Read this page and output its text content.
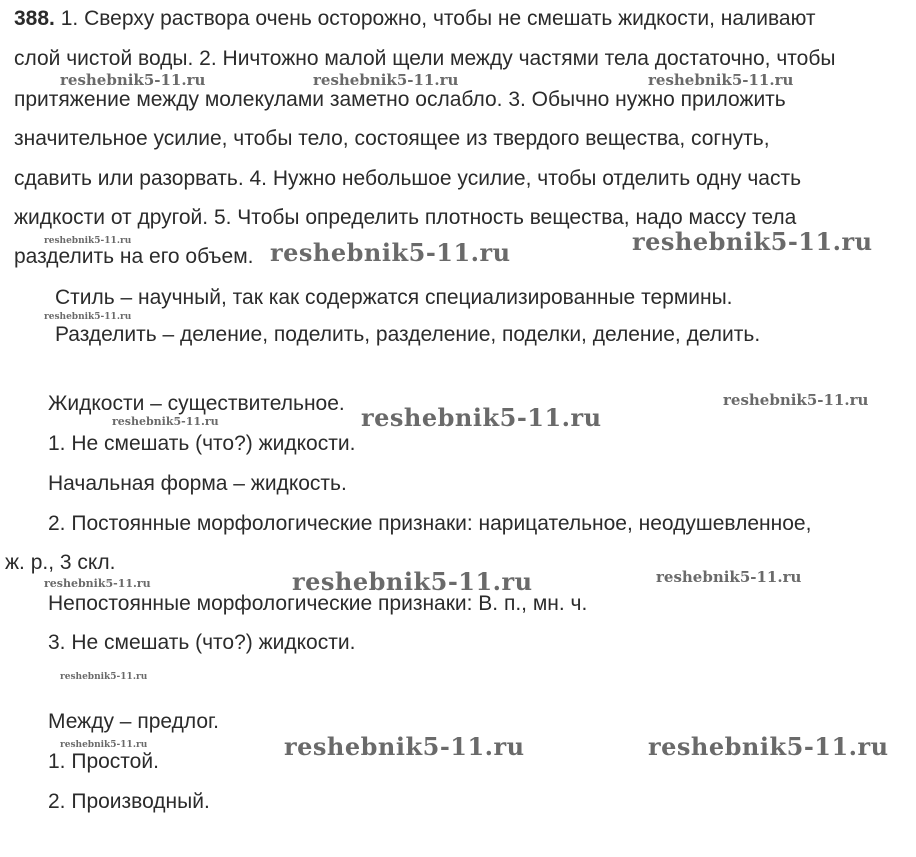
388. 1. Сверху раствора очень осторожно, чтобы не смешать жидкости, наливают
слой чистой воды. 2. Ничтожно малой щели между частями тела достаточно, чтобы
притяжение между молекулами заметно ослабло. 3. Обычно нужно приложить
значительное усилие, чтобы тело, состоящее из твердого вещества, согнуть,
сдавить или разорвать. 4. Нужно небольшое усилие, чтобы отделить одну часть
жидкости от другой. 5. Чтобы определить плотность вещества, надо массу тела
разделить на его объем.
Стиль – научный, так как содержатся специализированные термины.
Разделить – деление, поделить, разделение, поделки, деление, делить.
Жидкости – существительное.
1. Не смешать (что?) жидкости.
Начальная форма – жидкость.
2. Постоянные морфологические признаки: нарицательное, неодушевленное,
ж. р., 3 скл.
Непостоянные морфологические признаки: В. п., мн. ч.
3. Не смешать (что?) жидкости.
Между – предлог.
1. Простой.
2. Производный.
reshebnik5-11.ru	reshebnik5-11.ru	reshebnik5-11.ru
reshebnik5-11.ru	reshebnik5-11.ru	reshebnik5-11.ru
reshebnik5-11.ru
reshebnik5-11.ru
reshebnik5-11.ru
reshebnik5-11.ru
reshebnik5-11.ru	reshebnik5-11.ru	reshebnik5-11.ru
reshebnik5-11.ru
reshebnik5-11.ru	reshebnik5-11.ru	reshebnik5-11.ru
